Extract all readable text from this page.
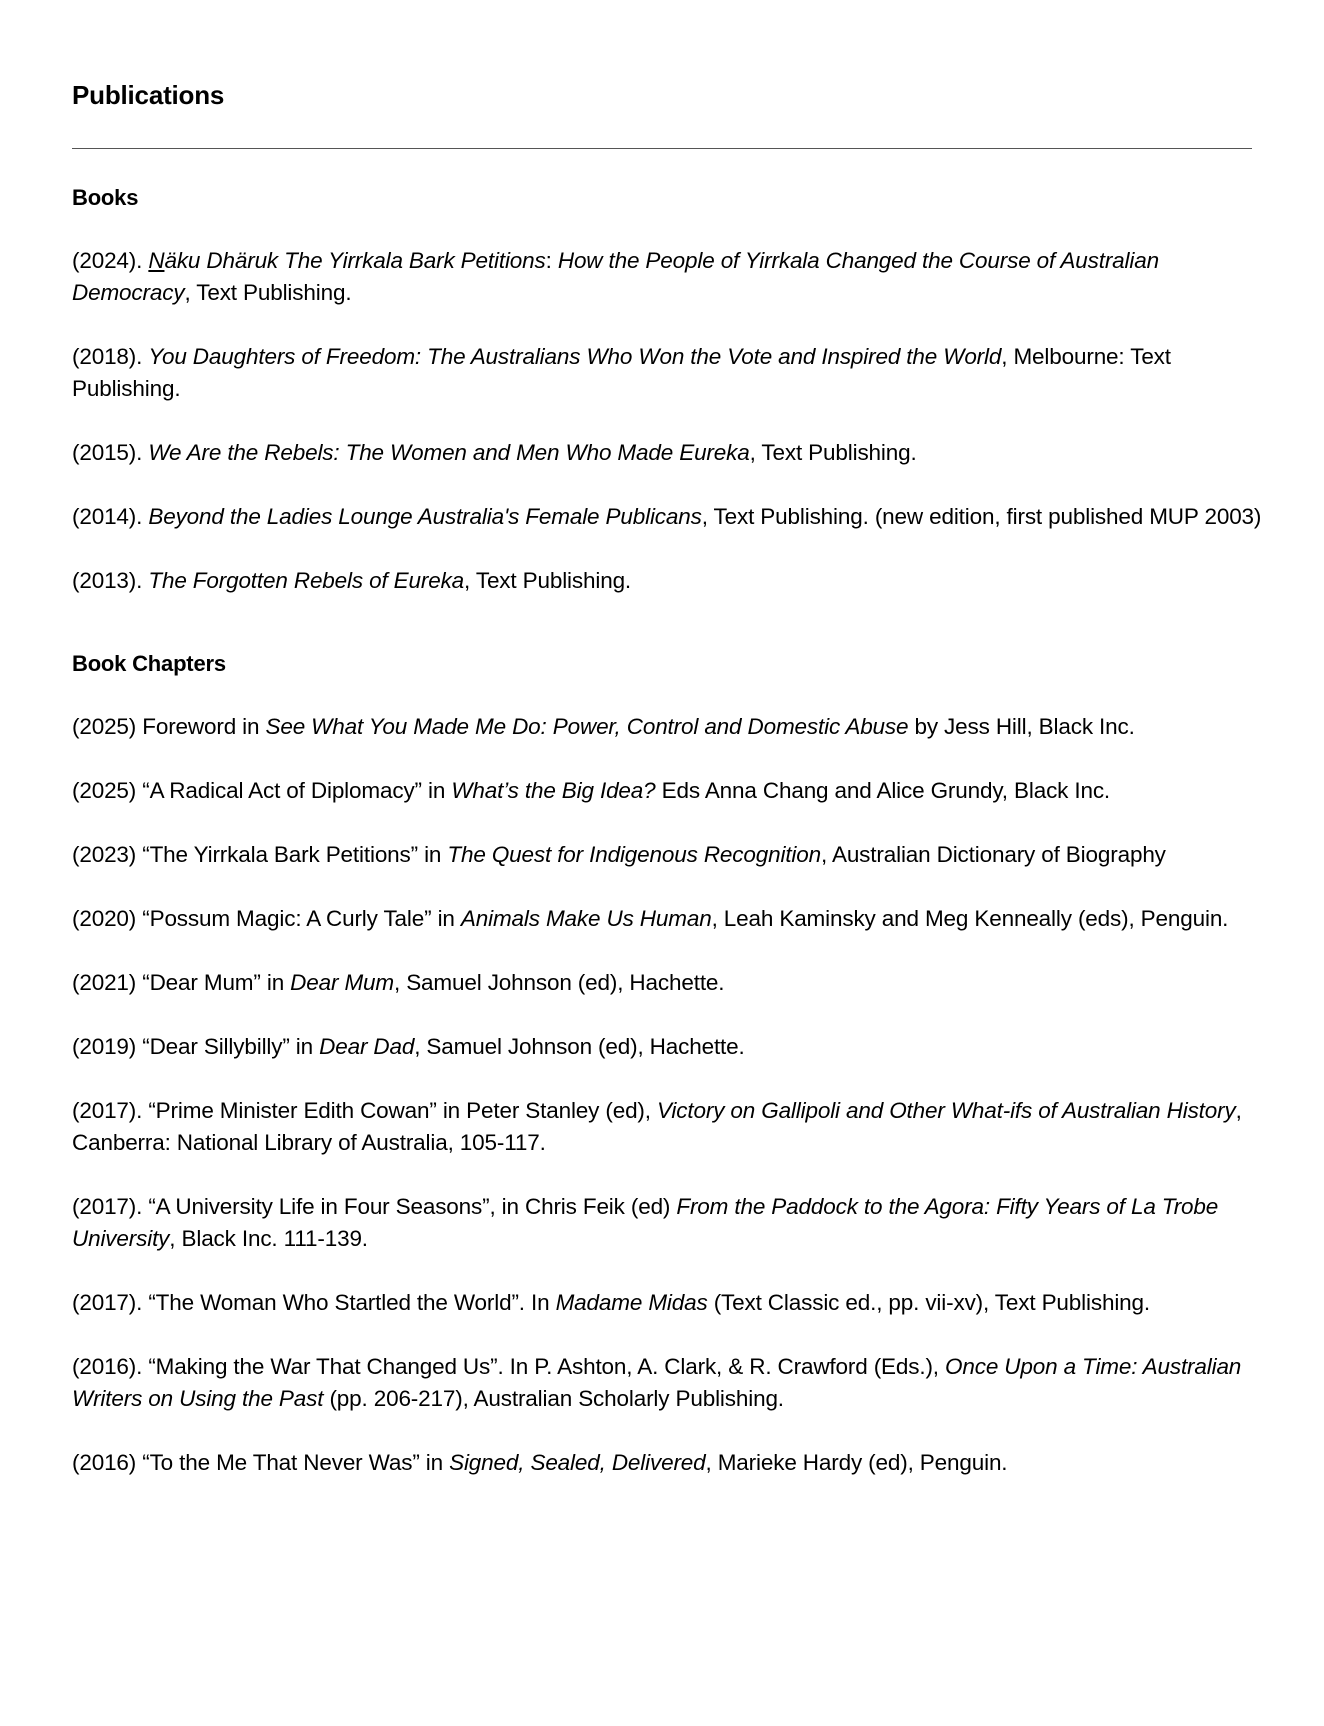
Publications
Books
(2024). Näku Dhäruk The Yirrkala Bark Petitions: How the People of Yirrkala Changed the Course of Australian Democracy, Text Publishing.
(2018). You Daughters of Freedom: The Australians Who Won the Vote and Inspired the World, Melbourne: Text Publishing.
(2015). We Are the Rebels: The Women and Men Who Made Eureka, Text Publishing.
(2014). Beyond the Ladies Lounge Australia's Female Publicans, Text Publishing. (new edition, first published MUP 2003)
(2013). The Forgotten Rebels of Eureka, Text Publishing.
Book Chapters
(2025) Foreword in See What You Made Me Do: Power, Control and Domestic Abuse by Jess Hill, Black Inc.
(2025) “A Radical Act of Diplomacy” in What’s the Big Idea? Eds Anna Chang and Alice Grundy, Black Inc.
(2023) “The Yirrkala Bark Petitions” in The Quest for Indigenous Recognition, Australian Dictionary of Biography
(2020) “Possum Magic: A Curly Tale” in Animals Make Us Human, Leah Kaminsky and Meg Kenneally (eds), Penguin.
(2021) “Dear Mum” in Dear Mum, Samuel Johnson (ed), Hachette.
(2019) “Dear Sillybilly” in Dear Dad, Samuel Johnson (ed), Hachette.
(2017). “Prime Minister Edith Cowan” in Peter Stanley (ed), Victory on Gallipoli and Other What-ifs of Australian History, Canberra: National Library of Australia, 105-117.
(2017). “A University Life in Four Seasons”, in Chris Feik (ed) From the Paddock to the Agora: Fifty Years of La Trobe University, Black Inc. 111-139.
(2017). “The Woman Who Startled the World”. In Madame Midas (Text Classic ed., pp. vii-xv), Text Publishing.
(2016). “Making the War That Changed Us”. In P. Ashton, A. Clark, & R. Crawford (Eds.), Once Upon a Time: Australian Writers on Using the Past (pp. 206-217), Australian Scholarly Publishing.
(2016) “To the Me That Never Was” in Signed, Sealed, Delivered, Marieke Hardy (ed), Penguin.
